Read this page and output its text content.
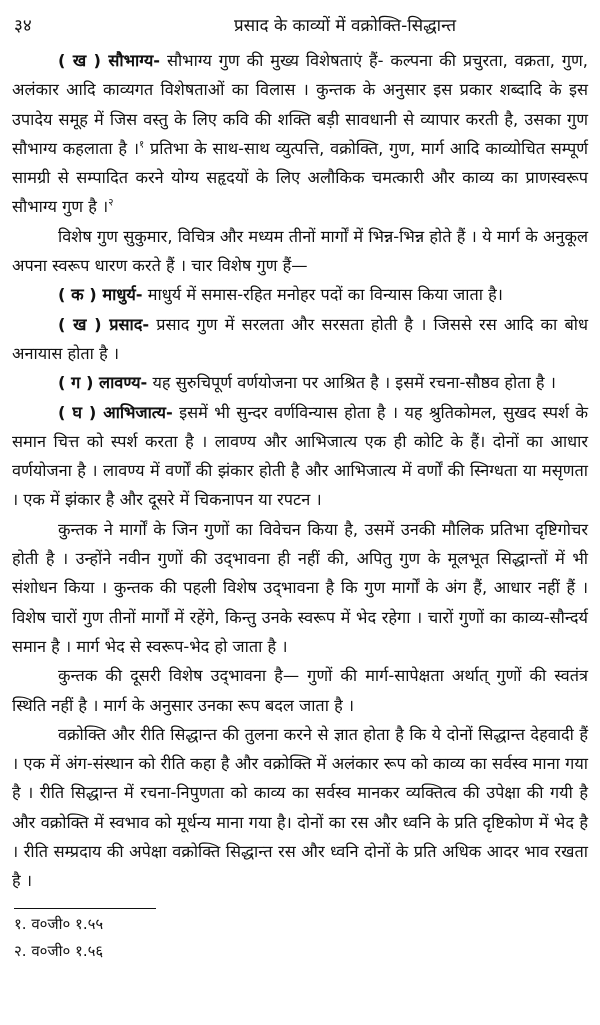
३४	प्रसाद के काव्यों में वक्रोक्ति-सिद्धान्त

( ख ) सौभाग्य- सौभाग्य गुण की मुख्य विशेषताएं हैं- कल्पना की प्रचुरता, वक्रता, गुण, अलंकार आदि काव्यगत विशेषताओं का विलास । कुन्तक के अनुसार इस प्रकार शब्दादि के इस उपादेय समूह में जिस वस्तु के लिए कवि की शक्ति बड़ी सावधानी से व्यापार करती है, उसका गुण सौभाग्य कहलाता है ।$^१$ प्रतिभा के साथ-साथ व्युत्पत्ति, वक्रोक्ति, गुण, मार्ग आदि काव्योचित सम्पूर्ण सामग्री से सम्पादित करने योग्य सहृदयों के लिए अलौकिक चमत्कारी और काव्य का प्राणस्वरूप सौभाग्य गुण है ।$^२$

विशेष गुण सुकुमार, विचित्र और मध्यम तीनों मार्गों में भिन्न-भिन्न होते हैं । ये मार्ग के अनुकूल अपना स्वरूप धारण करते हैं । चार विशेष गुण हैं—

( क ) माधुर्य- माधुर्य में समास-रहित मनोहर पदों का विन्यास किया जाता है।

( ख ) प्रसाद- प्रसाद गुण में सरलता और सरसता होती है । जिससे रस आदि का बोध अनायास होता है ।

( ग ) लावण्य- यह सुरुचिपूर्ण वर्णयोजना पर आश्रित है । इसमें रचना-सौष्ठव होता है ।

( घ ) आभिजात्य- इसमें भी सुन्दर वर्णविन्यास होता है । यह श्रुतिकोमल, सुखद स्पर्श के समान चित्त को स्पर्श करता है । लावण्य और आभिजात्य एक ही कोटि के हैं। दोनों का आधार वर्णयोजना है । लावण्य में वर्णों की झंकार होती है और आभिजात्य में वर्णों की स्निग्धता या मसृणता । एक में झंकार है और दूसरे में चिकनापन या रपटन ।

कुन्तक ने मार्गों के जिन गुणों का विवेचन किया है, उसमें उनकी मौलिक प्रतिभा दृष्टिगोचर होती है । उन्होंने नवीन गुणों की उद्‌भावना ही नहीं की, अपितु गुण के मूलभूत सिद्धान्तों में भी संशोधन किया । कुन्तक की पहली विशेष उद्‌भावना है कि गुण मार्गों के अंग हैं, आधार नहीं हैं । विशेष चारों गुण तीनों मार्गों में रहेंगे, किन्तु उनके स्वरूप में भेद रहेगा । चारों गुणों का काव्य-सौन्दर्य समान है । मार्ग भेद से स्वरूप-भेद हो जाता है ।

कुन्तक की दूसरी विशेष उद्‌भावना है— गुणों की मार्ग-सापेक्षता अर्थात्‌ गुणों की स्वतंत्र स्थिति नहीं है । मार्ग के अनुसार उनका रूप बदल जाता है ।

वक्रोक्ति और रीति सिद्धान्त की तुलना करने से ज्ञात होता है कि ये दोनों सिद्धान्त देहवादी हैं । एक में अंग-संस्थान को रीति कहा है और वक्रोक्ति में अलंकार रूप को काव्य का सर्वस्व माना गया है । रीति सिद्धान्त में रचना-निपुणता को काव्य का सर्वस्व मानकर व्यक्तित्व की उपेक्षा की गयी है और वक्रोक्ति में स्वभाव को मूर्धन्य माना गया है। दोनों का रस और ध्वनि के प्रति दृष्टिकोण में भेद है । रीति सम्प्रदाय की अपेक्षा वक्रोक्ति सिद्धान्त रस और ध्वनि दोनों के प्रति अधिक आदर भाव रखता है ।

१. व०जी० १.५५
२. व०जी० १.५६
